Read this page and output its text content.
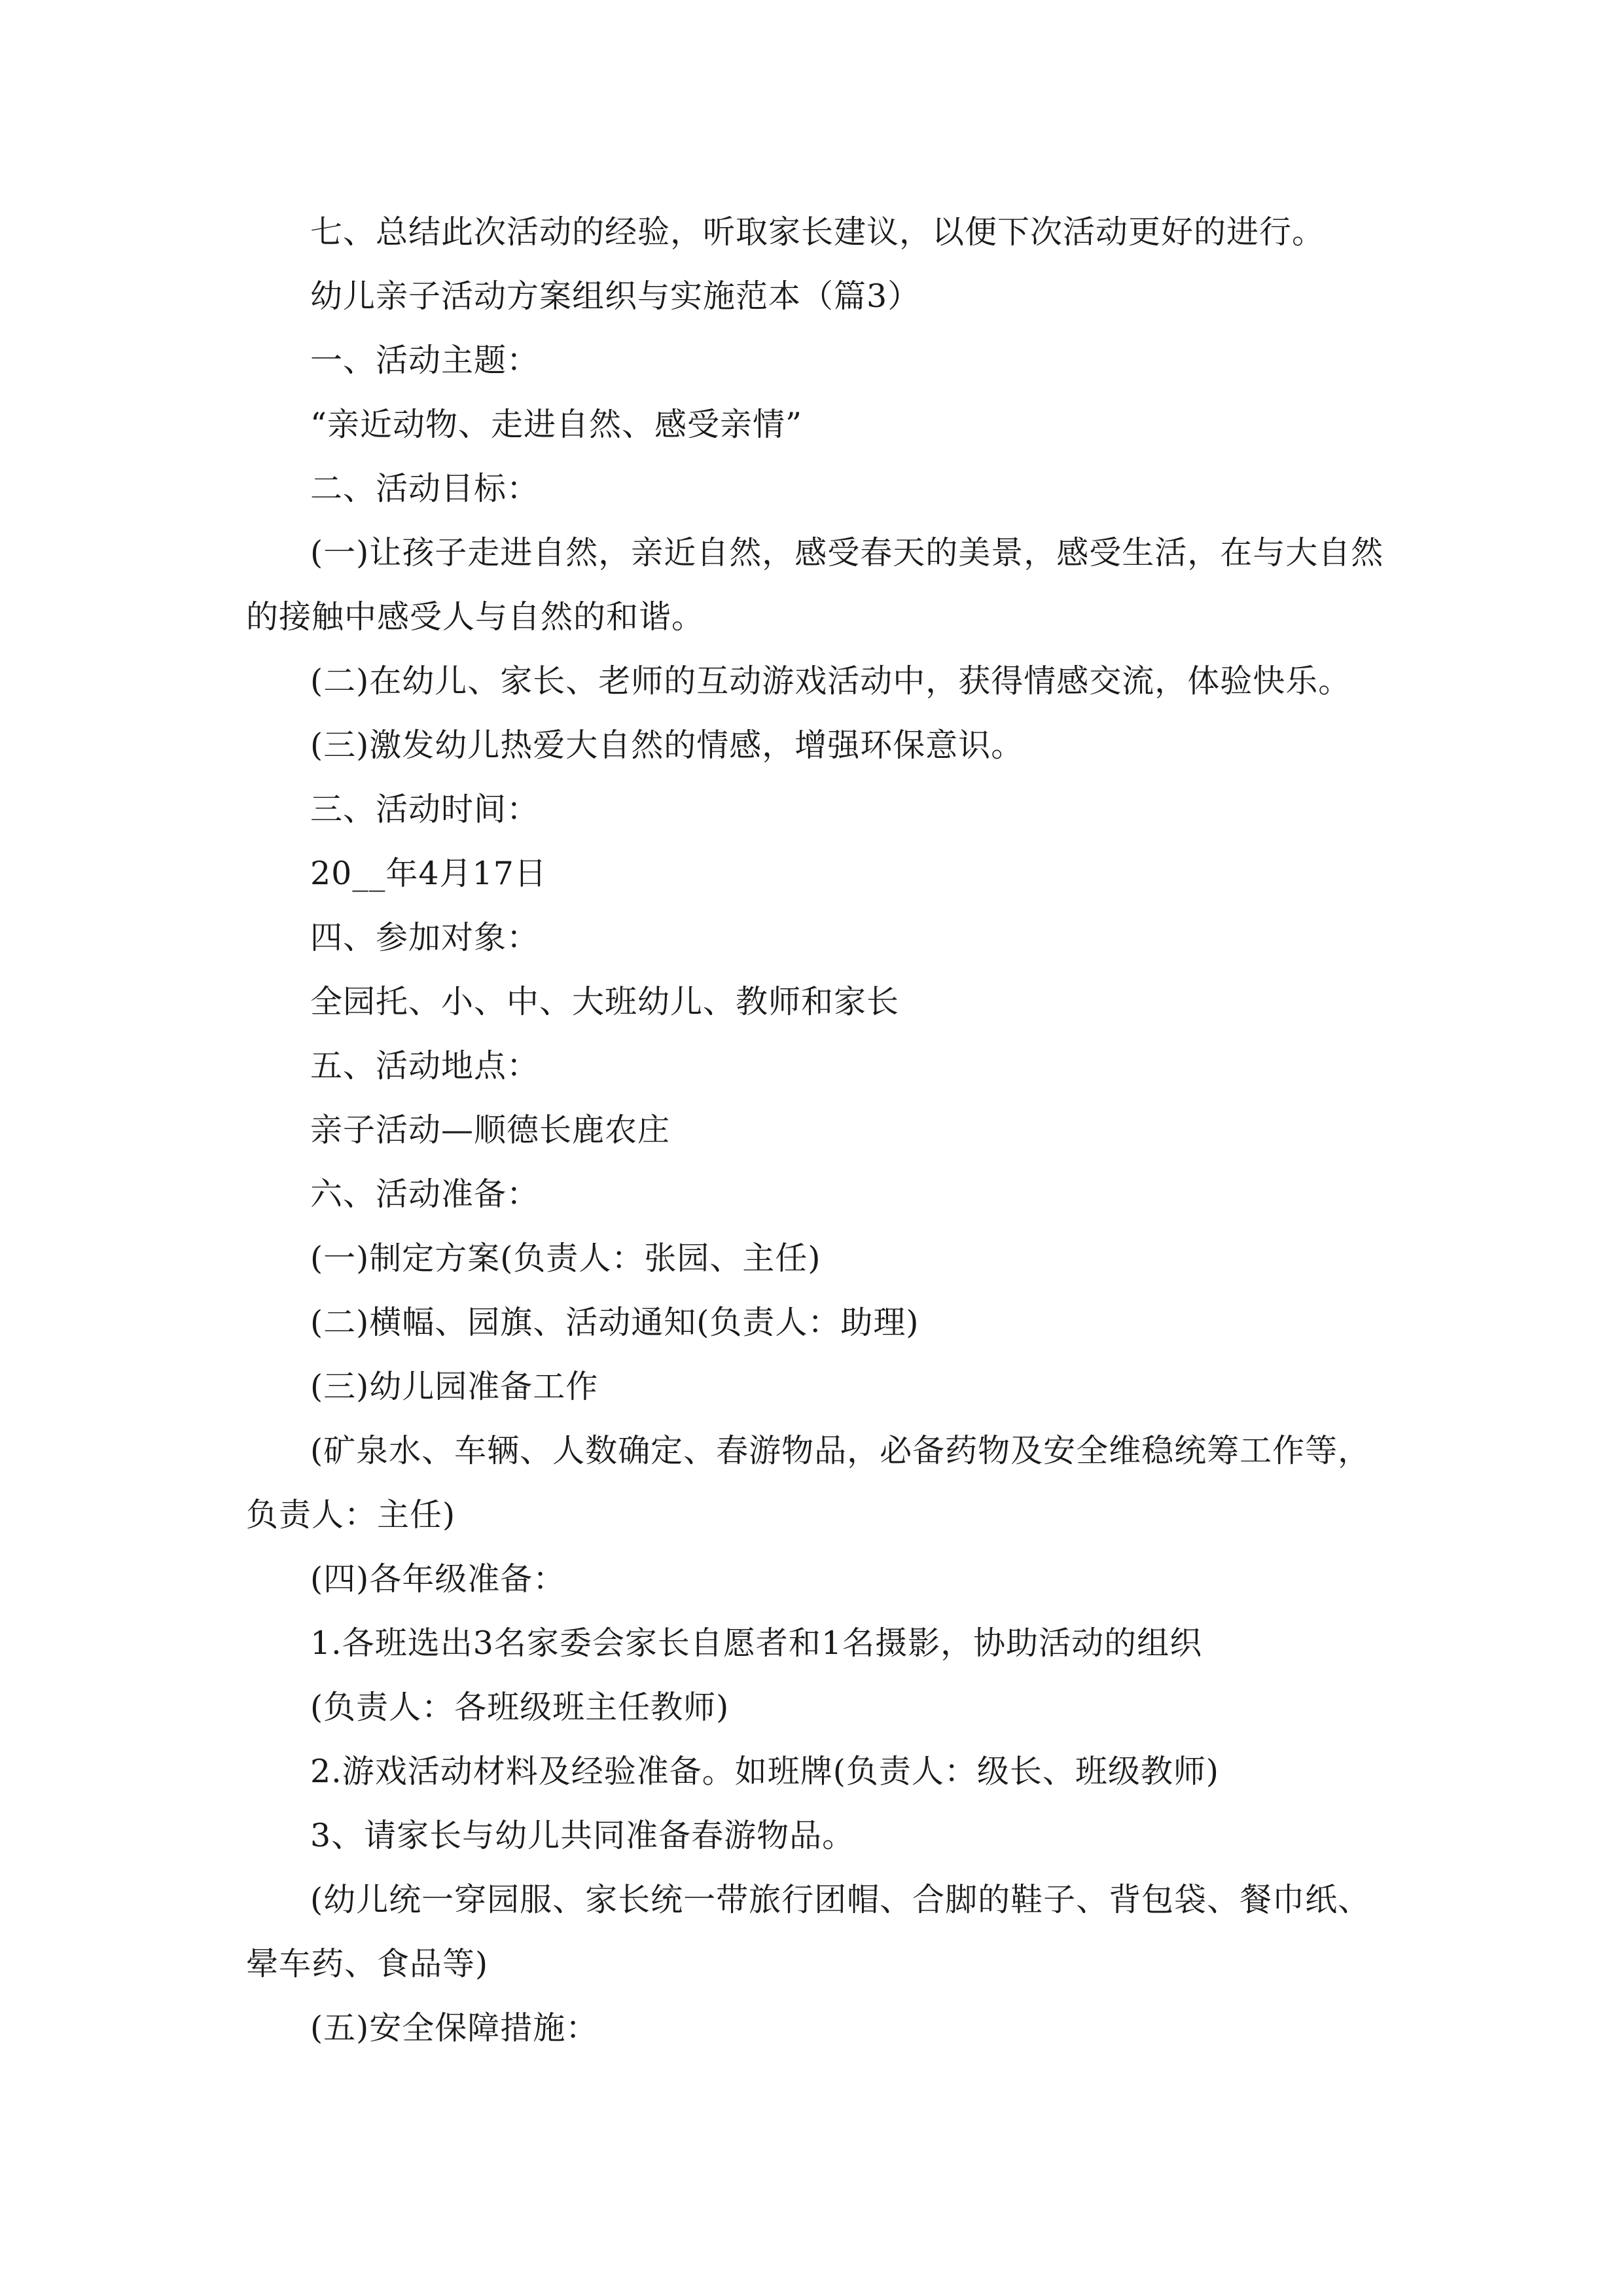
七、总结此次活动的经验，听取家长建议，以便下次活动更好的进行。

幼儿亲子活动方案组织与实施范本（篇3）

一、活动主题：

“亲近动物、走进自然、感受亲情”

二、活动目标：

(一)让孩子走进自然，亲近自然，感受春天的美景，感受生活，在与大自然的接触中感受人与自然的和谐。

(二)在幼儿、家长、老师的互动游戏活动中，获得情感交流，体验快乐。

(三)激发幼儿热爱大自然的情感，增强环保意识。

三、活动时间：

20__年4月17日

四、参加对象：

全园托、小、中、大班幼儿、教师和家长

五、活动地点：

亲子活动—顺德长鹿农庄

六、活动准备：

(一)制定方案(负责人：张园、主任)

(二)横幅、园旗、活动通知(负责人：助理)

(三)幼儿园准备工作

(矿泉水、车辆、人数确定、春游物品，必备药物及安全维稳统筹工作等，负责人：主任)

(四)各年级准备：

1.各班选出3名家委会家长自愿者和1名摄影，协助活动的组织

(负责人：各班级班主任教师)

2.游戏活动材料及经验准备。如班牌(负责人：级长、班级教师)

3、请家长与幼儿共同准备春游物品。

(幼儿统一穿园服、家长统一带旅行团帽、合脚的鞋子、背包袋、餐巾纸、晕车药、食品等)

(五)安全保障措施：
